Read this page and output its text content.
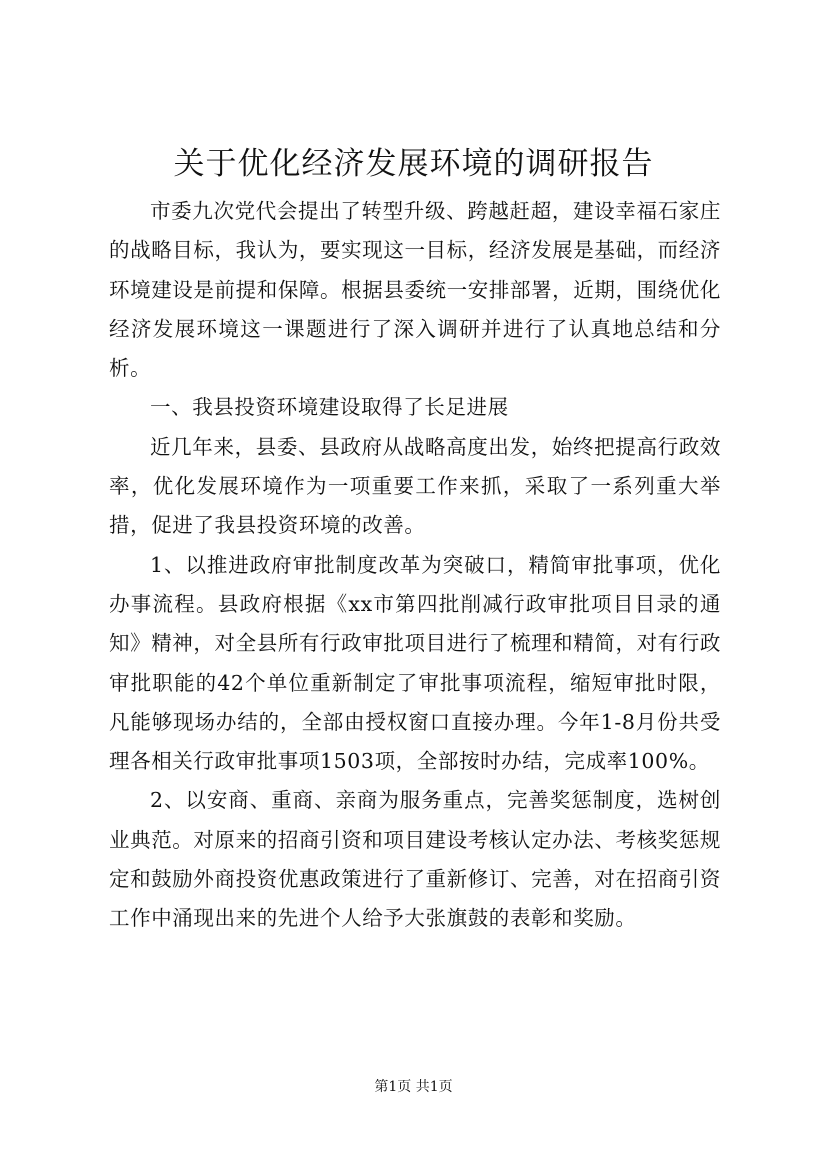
关于优化经济发展环境的调研报告

市委九次党代会提出了转型升级、跨越赶超，建设幸福石家庄的战略目标，我认为，要实现这一目标，经济发展是基础，而经济环境建设是前提和保障。根据县委统一安排部署，近期，围绕优化经济发展环境这一课题进行了深入调研并进行了认真地总结和分析。

一、我县投资环境建设取得了长足进展

近几年来，县委、县政府从战略高度出发，始终把提高行政效率，优化发展环境作为一项重要工作来抓，采取了一系列重大举措，促进了我县投资环境的改善。

1、以推进政府审批制度改革为突破口，精简审批事项，优化办事流程。县政府根据《xx市第四批削减行政审批项目目录的通知》精神，对全县所有行政审批项目进行了梳理和精简，对有行政审批职能的42个单位重新制定了审批事项流程，缩短审批时限，凡能够现场办结的，全部由授权窗口直接办理。今年1-8月份共受理各相关行政审批事项1503项，全部按时办结，完成率100%。

2、以安商、重商、亲商为服务重点，完善奖惩制度，选树创业典范。对原来的招商引资和项目建设考核认定办法、考核奖惩规定和鼓励外商投资优惠政策进行了重新修订、完善，对在招商引资工作中涌现出来的先进个人给予大张旗鼓的表彰和奖励。

第1页 共1页
